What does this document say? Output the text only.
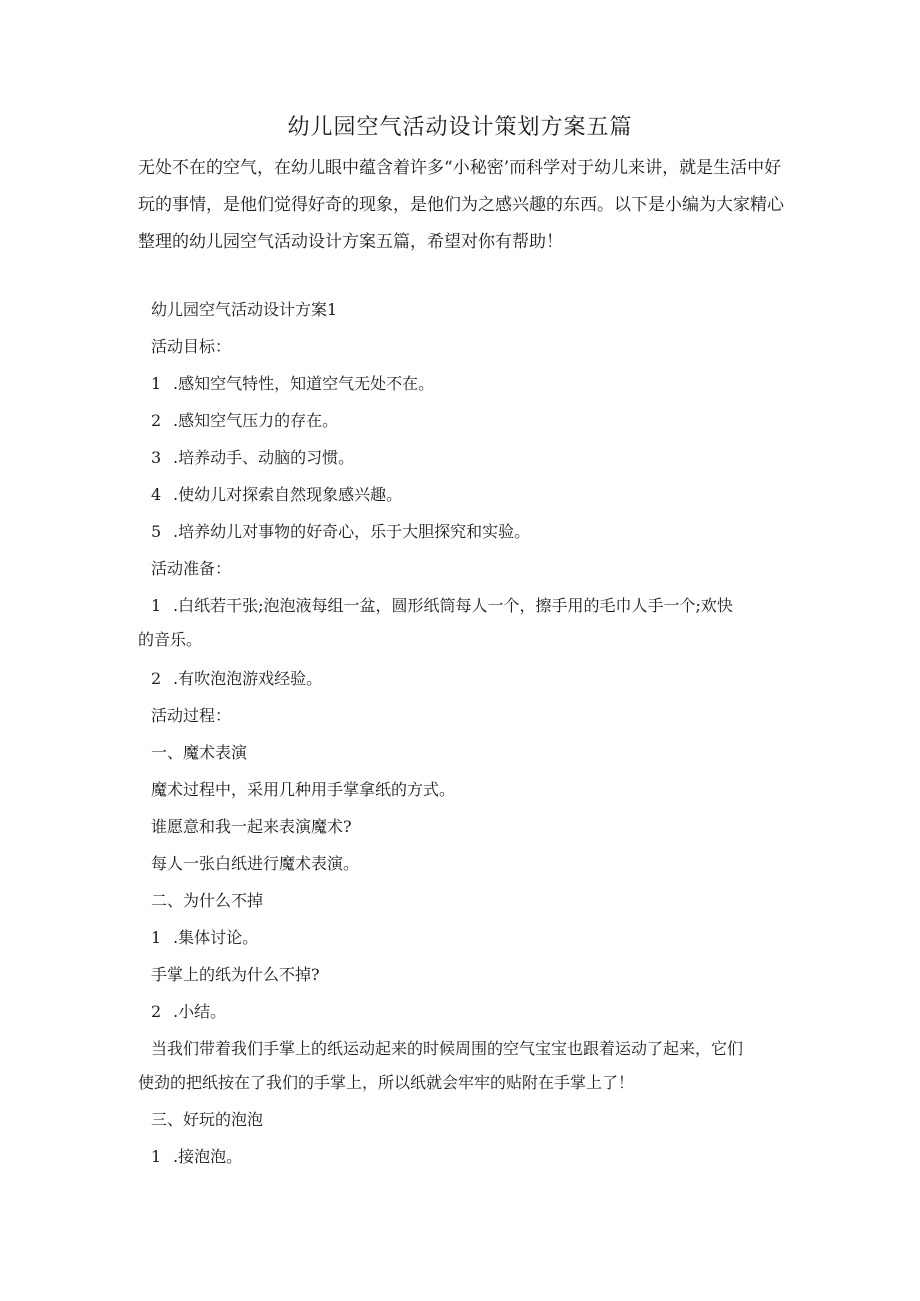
幼儿园空气活动设计策划方案五篇

无处不在的空气，在幼儿眼中蕴含着许多“小秘密’而科学对于幼儿来讲，就是生活中好玩的事情，是他们觉得好奇的现象，是他们为之感兴趣的东西。以下是小编为大家精心整理的幼儿园空气活动设计方案五篇，希望对你有帮助！

幼儿园空气活动设计方案1

活动目标：

1 .感知空气特性，知道空气无处不在。

2 .感知空气压力的存在。

3 .培养动手、动脑的习惯。

4 .使幼儿对探索自然现象感兴趣。

5 .培养幼儿对事物的好奇心，乐于大胆探究和实验。

活动准备：

1 .白纸若干张;泡泡液每组一盆，圆形纸筒每人一个，擦手用的毛巾人手一个;欢快

的音乐。

2 .有吹泡泡游戏经验。

活动过程：

一、魔术表演

魔术过程中，采用几种用手掌拿纸的方式。

谁愿意和我一起来表演魔术?

每人一张白纸进行魔术表演。

二、为什么不掉

1 .集体讨论。

手掌上的纸为什么不掉?

2 .小结。

当我们带着我们手掌上的纸运动起来的时候周围的空气宝宝也跟着运动了起来，它们

使劲的把纸按在了我们的手掌上，所以纸就会牢牢的贴附在手掌上了！

三、好玩的泡泡

1 .接泡泡。
